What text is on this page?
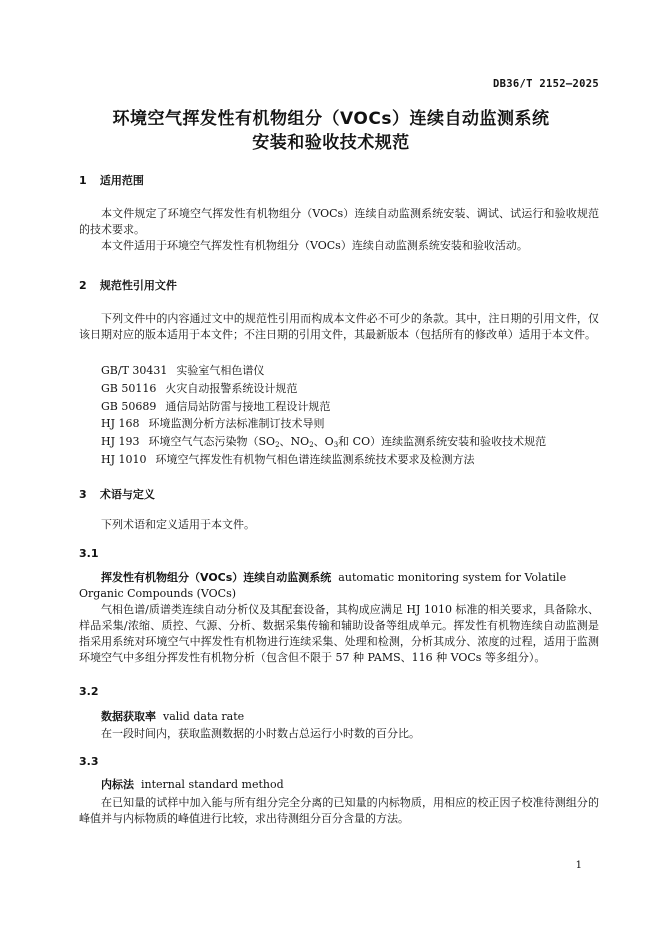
DB36/T 2152—2025
环境空气挥发性有机物组分（VOCs）连续自动监测系统
安装和验收技术规范
1 适用范围
本文件规定了环境空气挥发性有机物组分（VOCs）连续自动监测系统安装、调试、试运行和验收规范的技术要求。
本文件适用于环境空气挥发性有机物组分（VOCs）连续自动监测系统安装和验收活动。
2 规范性引用文件
下列文件中的内容通过文中的规范性引用而构成本文件必不可少的条款。其中，注日期的引用文件，仅该日期对应的版本适用于本文件；不注日期的引用文件，其最新版本（包括所有的修改单）适用于本文件。
GB/T 30431 实验室气相色谱仪
GB 50116 火灾自动报警系统设计规范
GB 50689 通信局站防雷与接地工程设计规范
HJ 168 环境监测分析方法标准制订技术导则
HJ 193 环境空气气态污染物（$SO_2$、$NO_2$、$O_3$和 CO）连续监测系统安装和验收技术规范
HJ 1010 环境空气挥发性有机物气相色谱连续监测系统技术要求及检测方法
3 术语与定义
下列术语和定义适用于本文件。
3.1
挥发性有机物组分（VOCs）连续自动监测系统 automatic monitoring system for Volatile Organic Compounds (VOCs)
气相色谱/质谱类连续自动分析仪及其配套设备，其构成应满足 HJ 1010 标准的相关要求，具备除水、样品采集/浓缩、质控、气源、分析、数据采集传输和辅助设备等组成单元。挥发性有机物连续自动监测是指采用系统对环境空气中挥发性有机物进行连续采集、处理和检测，分析其成分、浓度的过程，适用于监测环境空气中多组分挥发性有机物分析（包含但不限于 57 种 PAMS、116 种 VOCs 等多组分）。
3.2
数据获取率 valid data rate
在一段时间内，获取监测数据的小时数占总运行小时数的百分比。
3.3
内标法 internal standard method
在已知量的试样中加入能与所有组分完全分离的已知量的内标物质，用相应的校正因子校准待测组分的峰值并与内标物质的峰值进行比较，求出待测组分百分含量的方法。
1
